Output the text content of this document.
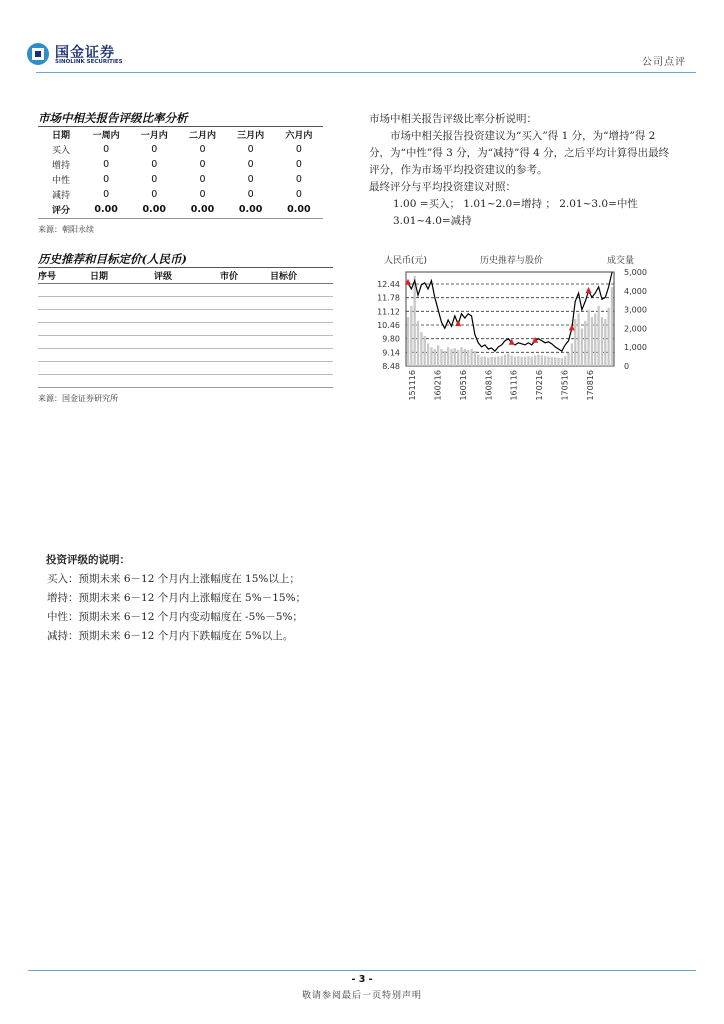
国金证券
SINOLINK SECURITIES	公司点评
市场中相关报告评级比率分析
日期	一周内	一月内	二月内	三月内	六月内
买入	0	0	0	0	0
增持	0	0	0	0	0
中性	0	0	0	0	0
减持	0	0	0	0	0
评分	0.00	0.00	0.00	0.00	0.00
来源：朝阳永续
历史推荐和目标定价(人民币)
序号	日期	评级	市价	目标价
来源：国金证券研究所

市场中相关报告评级比率分析说明：

市场中相关报告投资建议为“买入”得 1 分，为“增持”得 2 分，为“中性”得 3 分，为“减持”得 4 分，之后平均计算得出最终评分，作为市场平均投资建议的参考。

最终评分与平均投资建议对照：

1.00 =买入； 1.01~2.0=增持 ； 2.01~3.0=中性

3.01~4.0=减持

人民币(元)	历史推荐与股价	成交量
12.44
11.78
11.12
10.46
9.80
9.14
8.48
5,000
4,000
3,000
2,000
1,000
0
151116 160216 160516 160816 161116 170216 170516 170816
投资评级的说明：
买入：预期未来 6－12 个月内上涨幅度在 15%以上；
增持：预期未来 6－12 个月内上涨幅度在 5%－15%；
中性：预期未来 6－12 个月内变动幅度在 -5%－5%；
减持：预期未来 6－12 个月内下跌幅度在 5%以上。
- 3 -
敬请参阅最后一页特别声明
